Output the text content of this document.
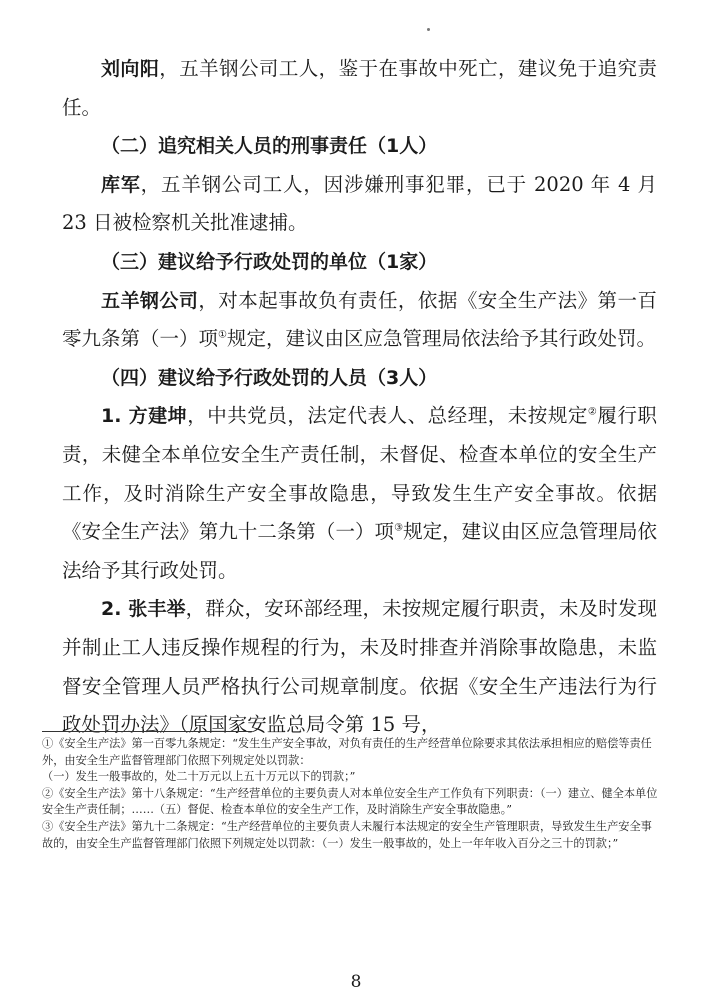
刘向阳，五羊钢公司工人，鉴于在事故中死亡，建议免于追究责任。

（二）追究相关人员的刑事责任（1人）

库军，五羊钢公司工人，因涉嫌刑事犯罪，已于 2020 年 4 月 23 日被检察机关批准逮捕。

（三）建议给予行政处罚的单位（1家）

五羊钢公司，对本起事故负有责任，依据《安全生产法》第一百零九条第（一）项①规定，建议由区应急管理局依法给予其行政处罚。

（四）建议给予行政处罚的人员（3人）

1. 方建坤，中共党员，法定代表人、总经理，未按规定②履行职责，未健全本单位安全生产责任制，未督促、检查本单位的安全生产工作，及时消除生产安全事故隐患，导致发生生产安全事故。依据《安全生产法》第九十二条第（一）项③规定，建议由区应急管理局依法给予其行政处罚。

2. 张丰举，群众，安环部经理，未按规定履行职责，未及时发现并制止工人违反操作规程的行为，未及时排查并消除事故隐患，未监督安全管理人员严格执行公司规章制度。依据《安全生产违法行为行政处罚办法》（原国家安监总局令第 15 号，

①《安全生产法》第一百零九条规定：“发生生产安全事故，对负有责任的生产经营单位除要求其依法承担相应的赔偿等责任外，由安全生产监督管理部门依照下列规定处以罚款：

（一）发生一般事故的，处二十万元以上五十万元以下的罚款；”

②《安全生产法》第十八条规定：“生产经营单位的主要负责人对本单位安全生产工作负有下列职责：（一）建立、健全本单位安全生产责任制；……（五）督促、检查本单位的安全生产工作，及时消除生产安全事故隐患。”

③《安全生产法》第九十二条规定：“生产经营单位的主要负责人未履行本法规定的安全生产管理职责，导致发生生产安全事故的，由安全生产监督管理部门依照下列规定处以罚款：（一）发生一般事故的，处上一年年收入百分之三十的罚款；”

8
